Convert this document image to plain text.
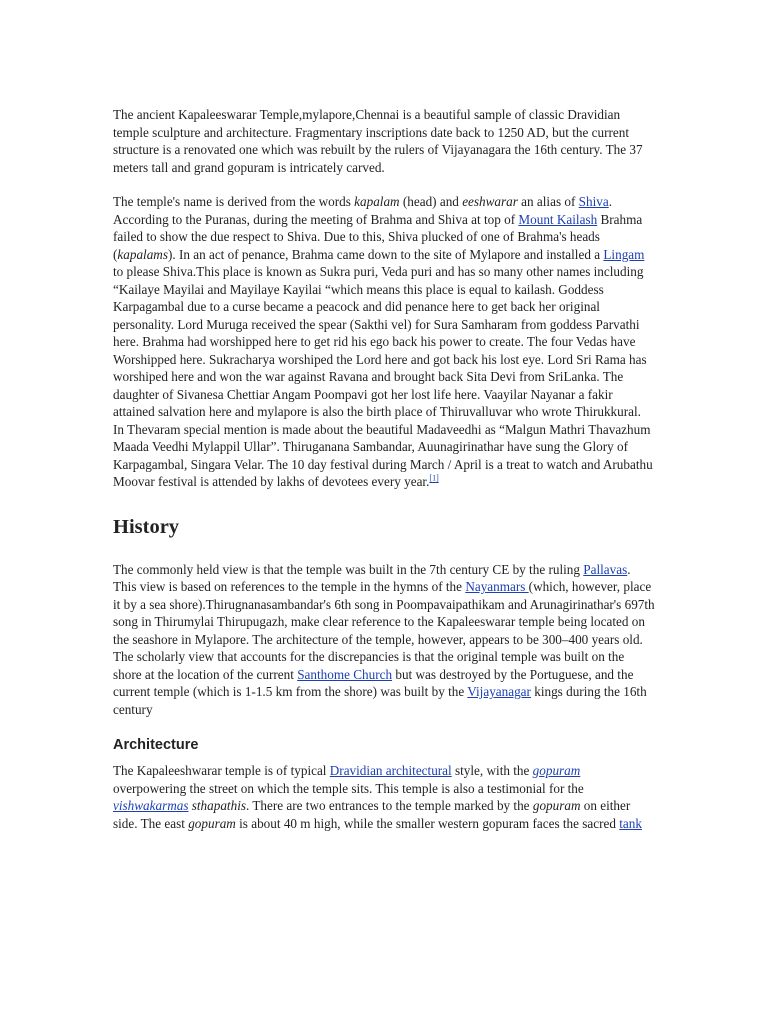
The ancient Kapaleeswarar Temple,mylapore,Chennai is a beautiful sample of classic Dravidian temple sculpture and architecture. Fragmentary inscriptions date back to 1250 AD, but the current structure is a renovated one which was rebuilt by the rulers of Vijayanagara the 16th century. The 37 meters tall and grand gopuram is intricately carved.

The temple's name is derived from the words kapalam (head) and eeshwarar an alias of Shiva. According to the Puranas, during the meeting of Brahma and Shiva at top of Mount Kailash Brahma failed to show the due respect to Shiva. Due to this, Shiva plucked of one of Brahma's heads (kapalams). In an act of penance, Brahma came down to the site of Mylapore and installed a Lingam to please Shiva.This place is known as Sukra puri, Veda puri and has so many other names including “Kailaye Mayilai and Mayilaye Kayilai “which means this place is equal to kailash. Goddess Karpagambal due to a curse became a peacock and did penance here to get back her original personality. Lord Muruga received the spear (Sakthi vel) for Sura Samharam from goddess Parvathi here. Brahma had worshipped here to get rid his ego back his power to create. The four Vedas have Worshipped here. Sukracharya worshiped the Lord here and got back his lost eye. Lord Sri Rama has worshiped here and won the war against Ravana and brought back Sita Devi from SriLanka. The daughter of Sivanesa Chettiar Angam Poompavi got her lost life here. Vaayilar Nayanar a fakir attained salvation here and mylapore is also the birth place of Thiruvalluvar who wrote Thirukkural. In Thevaram special mention is made about the beautiful Madaveedhi as “Malgun Mathri Thavazhum Maada Veedhi Mylappil Ullar”. Thiruganana Sambandar, Auunagirinathar have sung the Glory of Karpagambal, Singara Velar. The 10 day festival during March / April is a treat to watch and Arubathu Moovar festival is attended by lakhs of devotees every year.[1]

History

The commonly held view is that the temple was built in the 7th century CE by the ruling Pallavas. This view is based on references to the temple in the hymns of the Nayanmars (which, however, place it by a sea shore).Thirugnanasambandar's 6th song in Poompavaipathikam and Arunagirinathar's 697th song in Thirumylai Thirupugazh, make clear reference to the Kapaleeswarar temple being located on the seashore in Mylapore. The architecture of the temple, however, appears to be 300–400 years old. The scholarly view that accounts for the discrepancies is that the original temple was built on the shore at the location of the current Santhome Church but was destroyed by the Portuguese, and the current temple (which is 1-1.5 km from the shore) was built by the Vijayanagar kings during the 16th century

Architecture

The Kapaleeshwarar temple is of typical Dravidian architectural style, with the gopuram overpowering the street on which the temple sits. This temple is also a testimonial for the vishwakarmas sthapathis. There are two entrances to the temple marked by the gopuram on either side. The east gopuram is about 40 m high, while the smaller western gopuram faces the sacred tank
